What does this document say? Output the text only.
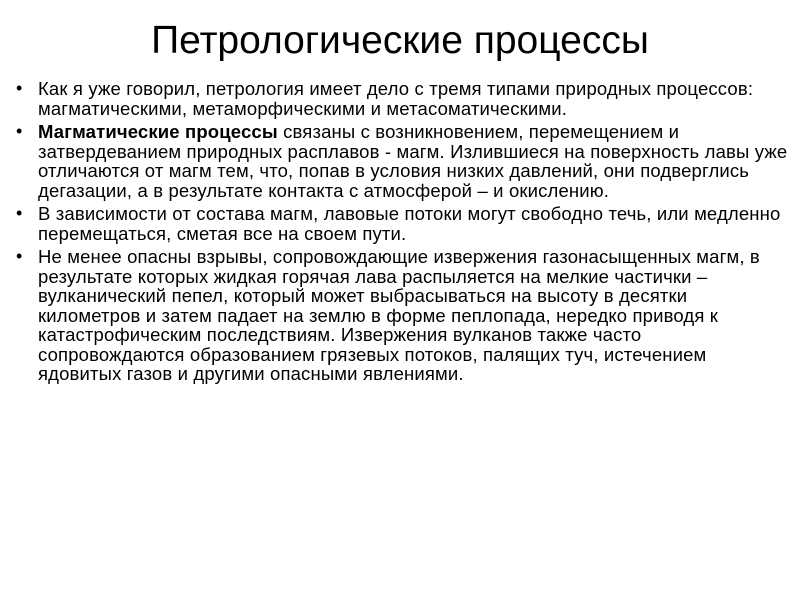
Петрологические процессы
• Как я уже говорил, петрология имеет дело с тремя типами природных процессов: магматическими, метаморфическими и метасоматическими.
• Магматические процессы связаны с возникновением, перемещением и затвердеванием природных расплавов - магм. Излившиеся на поверхность лавы уже отличаются от магм тем, что, попав в условия низких давлений, они подверглись дегазации, а в результате контакта с атмосферой – и окислению.
• В зависимости от состава магм, лавовые потоки могут свободно течь, или медленно перемещаться, сметая все на своем пути.
• Не менее опасны взрывы, сопровождающие извержения газонасыщенных магм, в результате которых жидкая горячая лава распыляется на мелкие частички – вулканический пепел, который может выбрасываться на высоту в десятки километров и затем падает на землю в форме пеплопада, нередко приводя к катастрофическим последствиям. Извержения вулканов также часто сопровождаются образованием грязевых потоков, палящих туч, истечением ядовитых газов и другими опасными явлениями.
